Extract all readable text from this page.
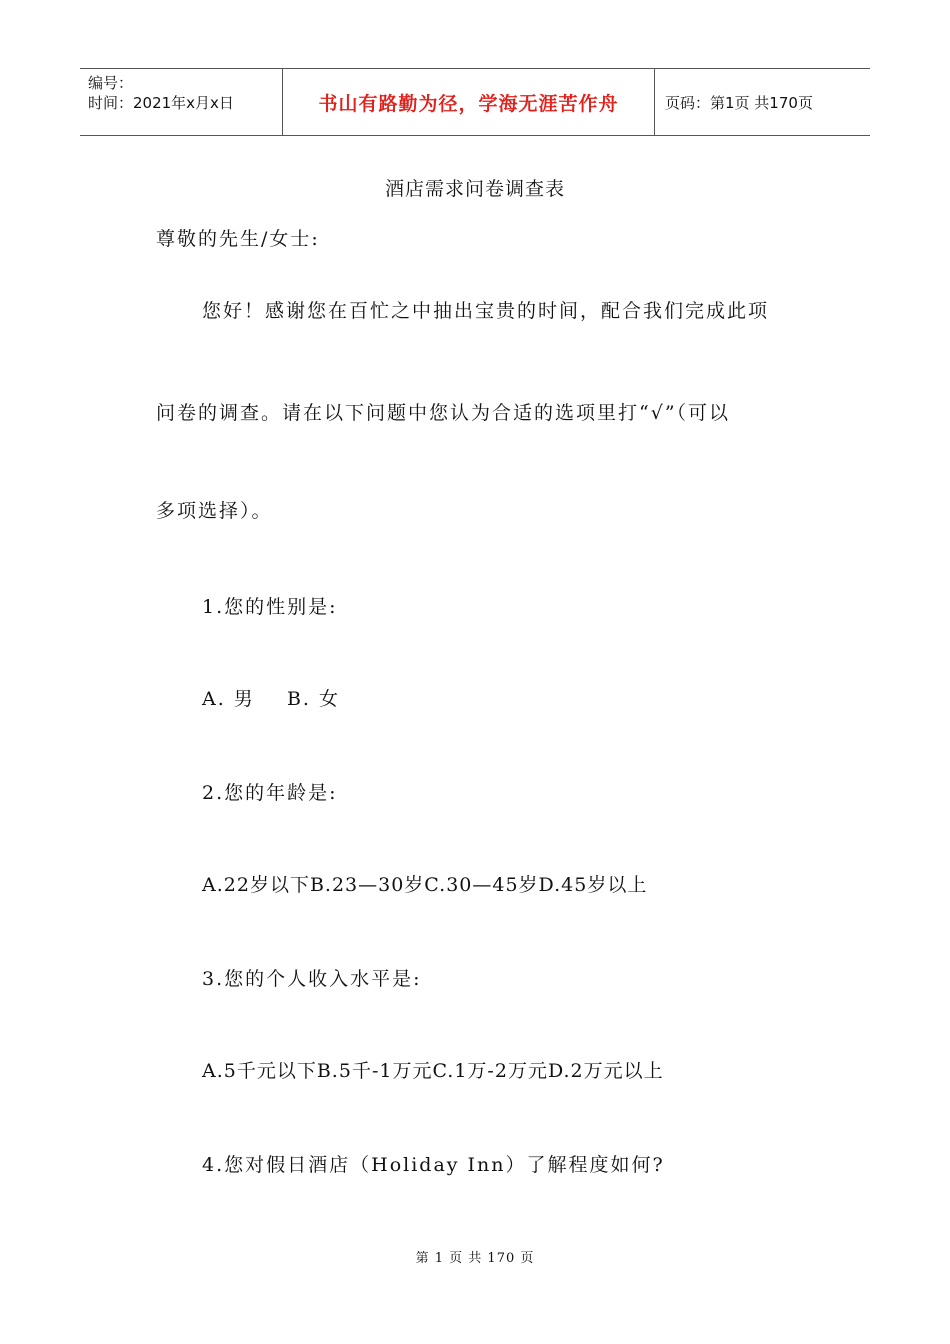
编号：
时间：2021年x月x日	书山有路勤为径，学海无涯苦作舟	页码：第1页 共170页
酒店需求问卷调查表
尊敬的先生/女士:
您好！感谢您在百忙之中抽出宝贵的时间，配合我们完成此项
问卷的调查。请在以下问题中您认为合适的选项里打“√”（可以
多项选择）。
1.您的性别是:
A. 男    B. 女
2.您的年龄是:
A.22岁以下B.23—30岁C.30—45岁D.45岁以上
3.您的个人收入水平是:
A.5千元以下B.5千-1万元C.1万-2万元D.2万元以上
4.您对假日酒店（Holiday Inn）了解程度如何?
第 1 页 共 170 页
